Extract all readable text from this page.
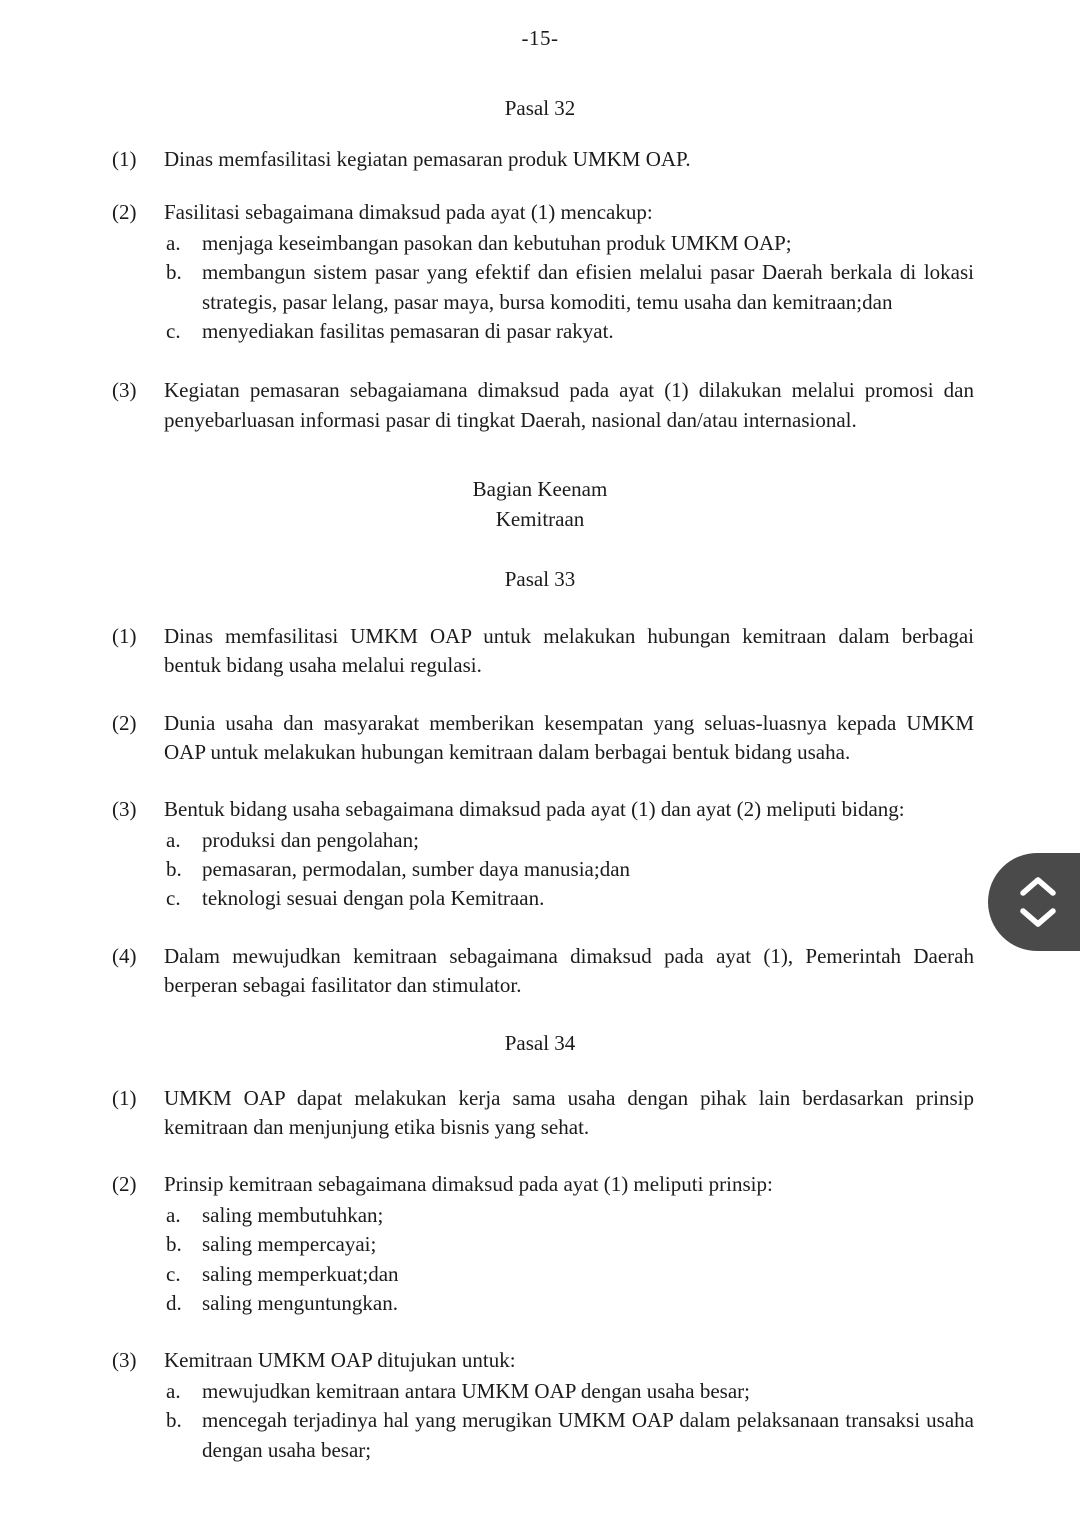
-15-
Pasal 32
(1)	Dinas memfasilitasi kegiatan pemasaran produk UMKM OAP.
(2)	Fasilitasi sebagaimana dimaksud pada ayat (1) mencakup:
a.	menjaga keseimbangan pasokan dan kebutuhan produk UMKM OAP;
b. membangun sistem pasar yang efektif dan efisien melalui pasar Daerah berkala di lokasi strategis, pasar lelang, pasar maya, bursa komoditi, temu usaha dan kemitraan;dan
c.	menyediakan fasilitas pemasaran di pasar rakyat.
(3)	Kegiatan pemasaran sebagaiamana dimaksud pada ayat (1) dilakukan melalui promosi dan penyebarluasan informasi pasar di tingkat Daerah, nasional dan/atau internasional.
Bagian Keenam
Kemitraan
Pasal 33
(1)	Dinas memfasilitasi UMKM OAP untuk melakukan hubungan kemitraan dalam berbagai bentuk bidang usaha melalui regulasi.
(2)	Dunia usaha dan masyarakat memberikan kesempatan yang seluas-luasnya kepada UMKM OAP untuk melakukan hubungan kemitraan dalam berbagai bentuk bidang usaha.
(3)	Bentuk bidang usaha sebagaimana dimaksud pada ayat (1) dan ayat (2) meliputi bidang:
a.	produksi dan pengolahan;
b. pemasaran, permodalan, sumber daya manusia;dan
c.	teknologi sesuai dengan pola Kemitraan.
(4)	Dalam mewujudkan kemitraan sebagaimana dimaksud pada ayat (1), Pemerintah Daerah berperan sebagai fasilitator dan stimulator.
Pasal 34
(1)	UMKM OAP dapat melakukan kerja sama usaha dengan pihak lain berdasarkan prinsip kemitraan dan menjunjung etika bisnis yang sehat.
(2)	Prinsip kemitraan sebagaimana dimaksud pada ayat (1) meliputi prinsip:
a.	saling membutuhkan;
b. saling mempercayai;
c.	saling memperkuat;dan
d. saling menguntungkan.
(3)	Kemitraan UMKM OAP ditujukan untuk:
a.	mewujudkan kemitraan antara UMKM OAP dengan usaha besar;
b. mencegah terjadinya hal yang merugikan UMKM OAP dalam pelaksanaan transaksi usaha dengan usaha besar;
